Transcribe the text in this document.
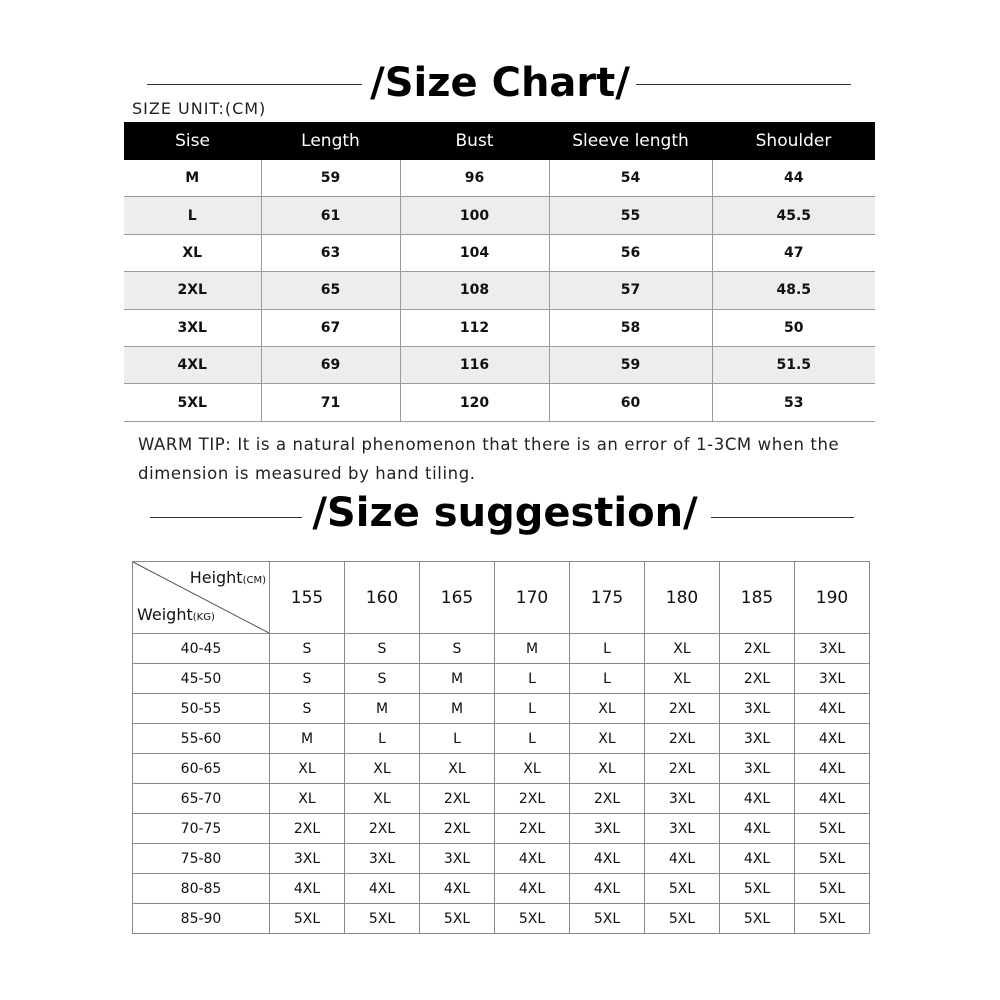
/Size Chart/
SIZE UNIT:(CM)
Sise	Length	Bust	Sleeve length	Shoulder
M	59	96	54	44
L	61	100	55	45.5
XL	63	104	56	47
2XL	65	108	57	48.5
3XL	67	112	58	50
4XL	69	116	59	51.5
5XL	71	120	60	53
WARM TIP: It is a natural phenomenon that there is an error of 1-3CM when the dimension is measured by hand tiling.
/Size suggestion/
Height(CM)
Weight(KG)	155	160	165	170	175	180	185	190
40-45	S	S	S	M	L	XL	2XL	3XL
45-50	S	S	M	L	L	XL	2XL	3XL
50-55	S	M	M	L	XL	2XL	3XL	4XL
55-60	M	L	L	L	XL	2XL	3XL	4XL
60-65	XL	XL	XL	XL	XL	2XL	3XL	4XL
65-70	XL	XL	2XL	2XL	2XL	3XL	4XL	4XL
70-75	2XL	2XL	2XL	2XL	3XL	3XL	4XL	5XL
75-80	3XL	3XL	3XL	4XL	4XL	4XL	4XL	5XL
80-85	4XL	4XL	4XL	4XL	4XL	5XL	5XL	5XL
85-90	5XL	5XL	5XL	5XL	5XL	5XL	5XL	5XL
